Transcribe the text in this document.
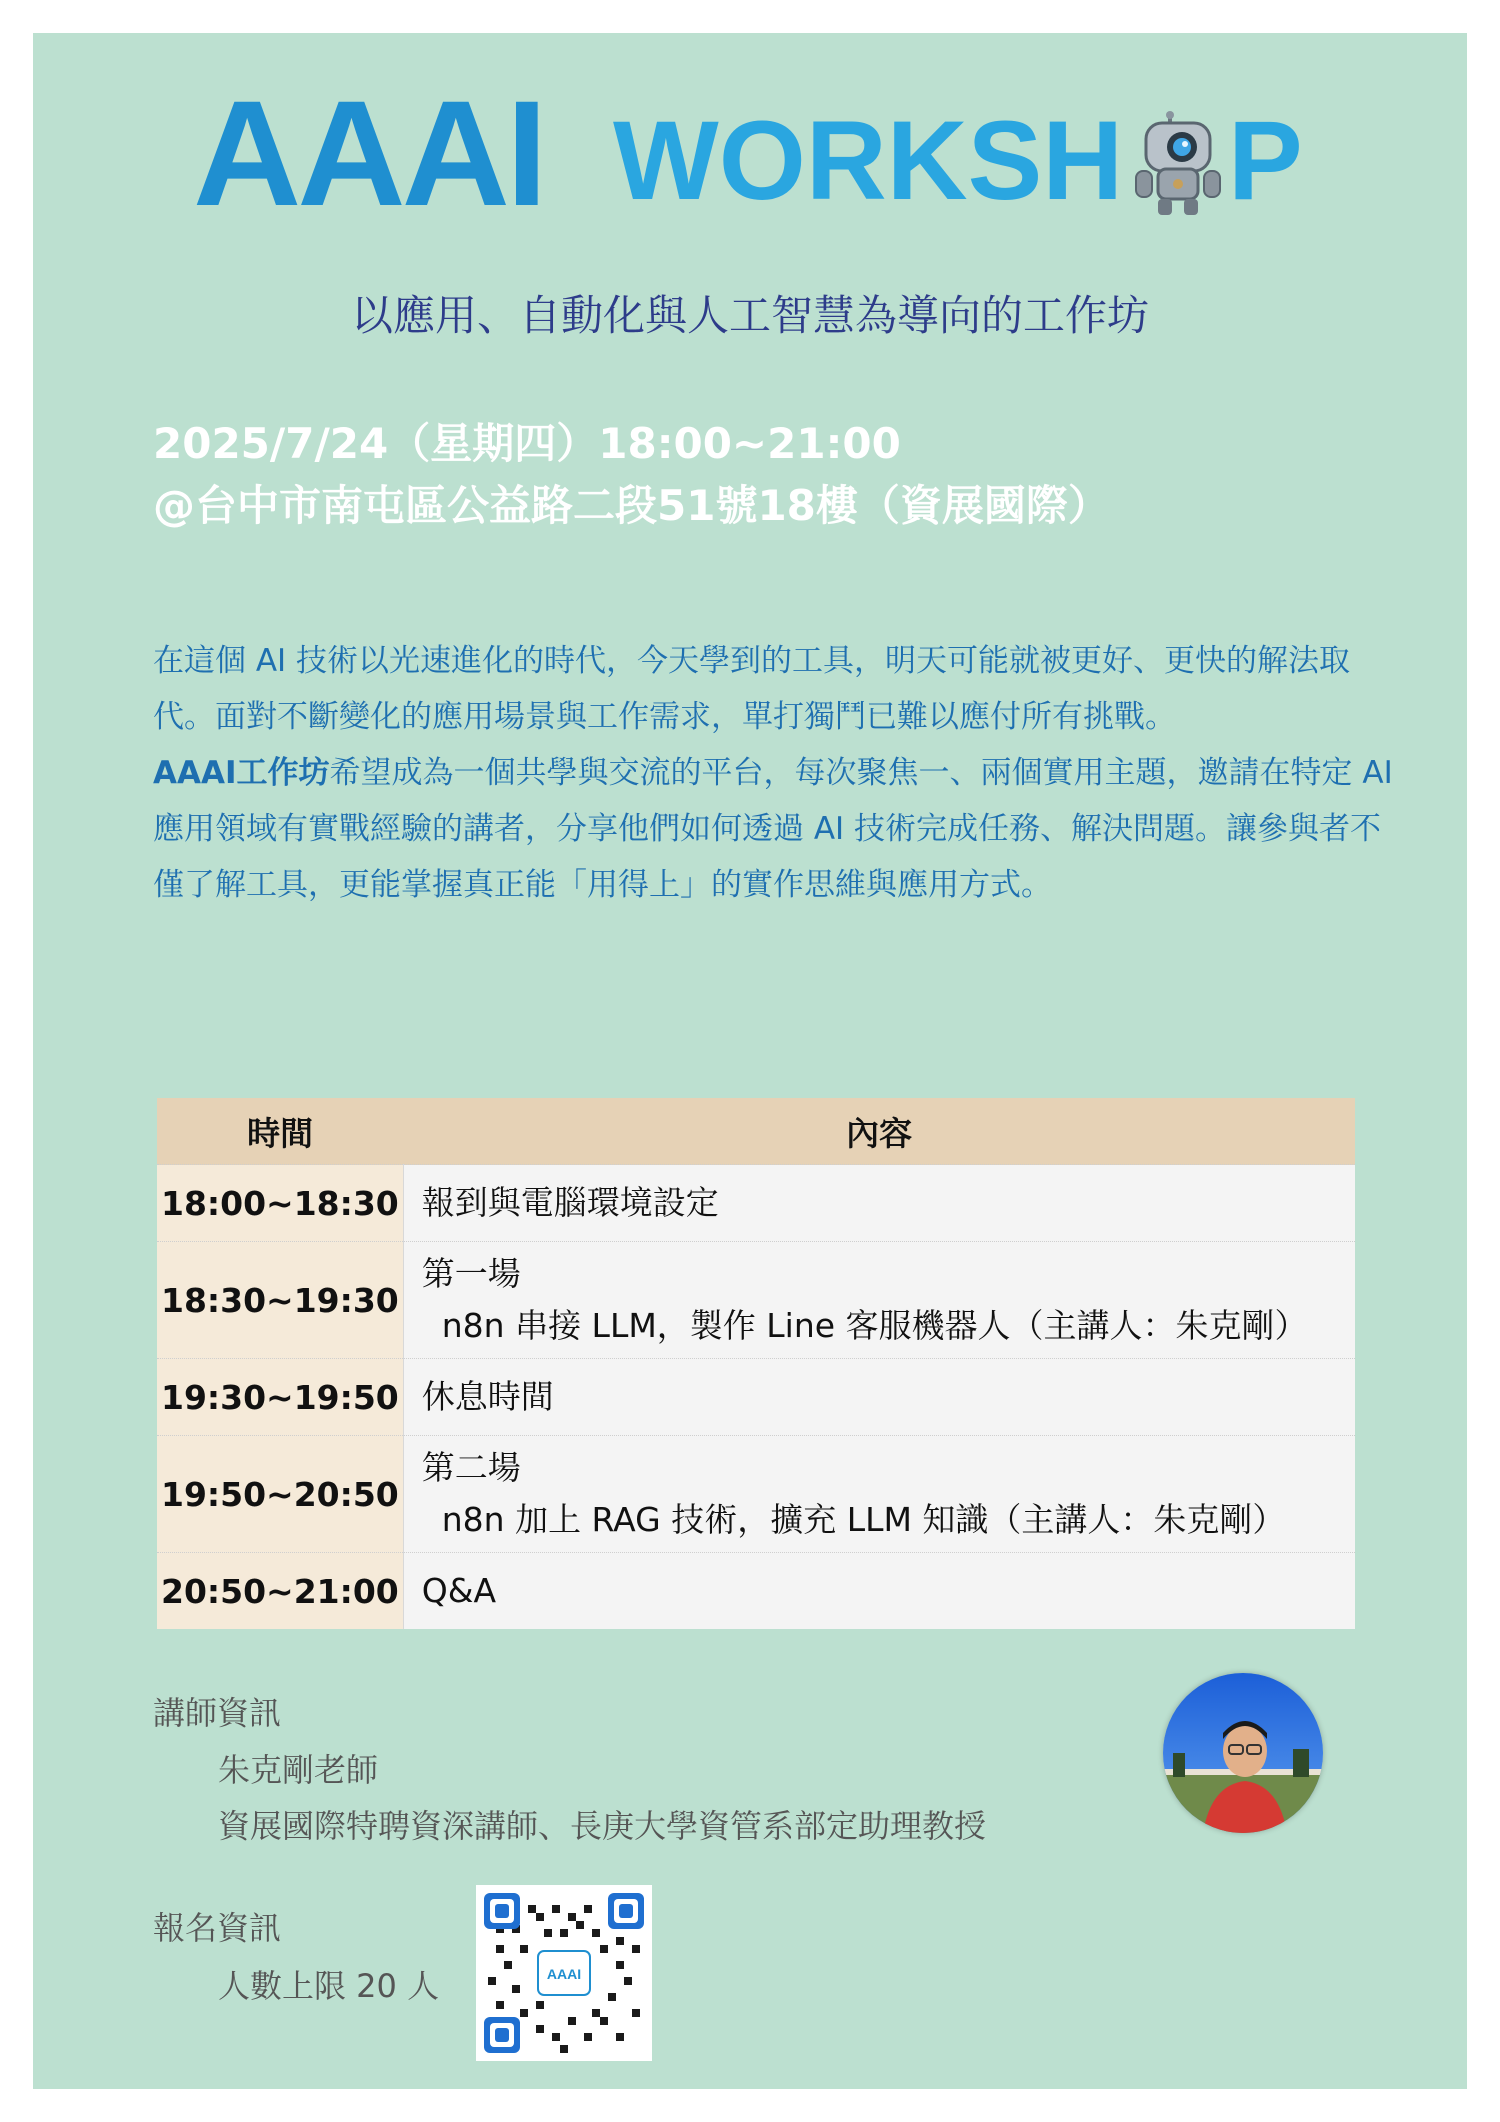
AAAI WORKSH P
以應用、自動化與人工智慧為導向的工作坊
2025/7/24（星期四）18:00~21:00
@台中市南屯區公益路二段51號18樓（資展國際）

在這個 AI 技術以光速進化的時代，今天學到的工具，明天可能就被更好、更快的解法取代。面對不斷變化的應用場景與工作需求，單打獨鬥已難以應付所有挑戰。

AAAI工作坊希望成為一個共學與交流的平台，每次聚焦一、兩個實用主題，邀請在特定 AI 應用領域有實戰經驗的講者，分享他們如何透過 AI 技術完成任務、解決問題。讓參與者不僅了解工具，更能掌握真正能「用得上」的實作思維與應用方式。

時間	內容
18:00~18:30	報到與電腦環境設定

18:30~19:30	第一場
n8n 串接 LLM，製作 Line 客服機器人（主講人：朱克剛）

19:30~19:50	休息時間

19:50~20:50	第二場
n8n 加上 RAG 技術，擴充 LLM 知識（主講人：朱克剛）

20:50~21:00	Q&A
講師資訊
朱克剛老師
資展國際特聘資深講師、長庚大學資管系部定助理教授
報名資訊
人數上限 20 人	AAAI
